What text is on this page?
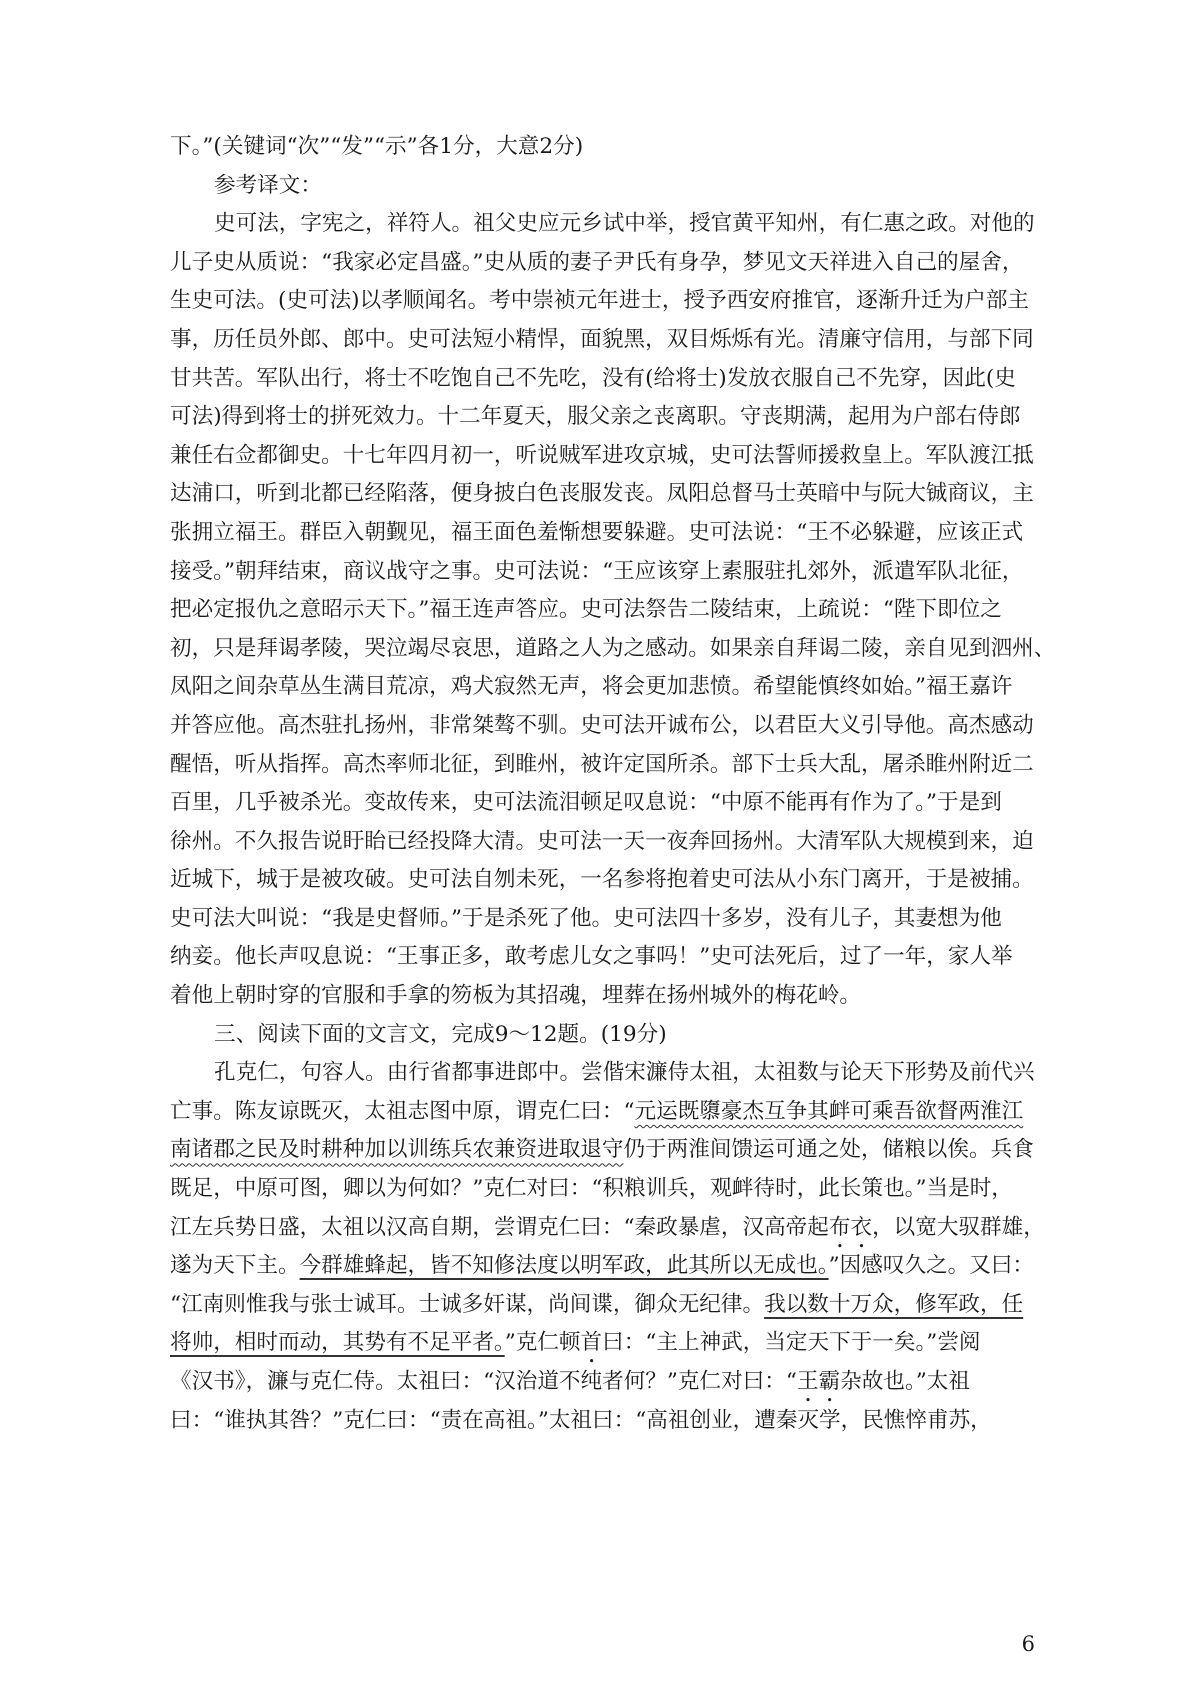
下。”(关键词“次”“发”“示”各1分，大意2分)
参考译文：
史可法，字宪之，祥符人。祖父史应元乡试中举，授官黄平知州，有仁惠之政。对他的
儿子史从质说：“我家必定昌盛。”史从质的妻子尹氏有身孕，梦见文天祥进入自己的屋舍，
生史可法。(史可法)以孝顺闻名。考中崇祯元年进士，授予西安府推官，逐渐升迁为户部主
事，历任员外郎、郎中。史可法短小精悍，面貌黑，双目烁烁有光。清廉守信用，与部下同
甘共苦。军队出行，将士不吃饱自己不先吃，没有(给将士)发放衣服自己不先穿，因此(史
可法)得到将士的拼死效力。十二年夏天，服父亲之丧离职。守丧期满，起用为户部右侍郎
兼任右佥都御史。十七年四月初一，听说贼军进攻京城，史可法誓师援救皇上。军队渡江抵
达浦口，听到北都已经陷落，便身披白色丧服发丧。凤阳总督马士英暗中与阮大铖商议，主
张拥立福王。群臣入朝觐见，福王面色羞惭想要躲避。史可法说：“王不必躲避，应该正式
接受。”朝拜结束，商议战守之事。史可法说：“王应该穿上素服驻扎郊外，派遣军队北征，
把必定报仇之意昭示天下。”福王连声答应。史可法祭告二陵结束，上疏说：“陛下即位之
初，只是拜谒孝陵，哭泣竭尽哀思，道路之人为之感动。如果亲自拜谒二陵，亲自见到泗州、
凤阳之间杂草丛生满目荒凉，鸡犬寂然无声，将会更加悲愤。希望能慎终如始。”福王嘉许
并答应他。高杰驻扎扬州，非常桀骜不驯。史可法开诚布公，以君臣大义引导他。高杰感动
醒悟，听从指挥。高杰率师北征，到睢州，被许定国所杀。部下士兵大乱，屠杀睢州附近二
百里，几乎被杀光。变故传来，史可法流泪顿足叹息说：“中原不能再有作为了。”于是到
徐州。不久报告说盱眙已经投降大清。史可法一天一夜奔回扬州。大清军队大规模到来，迫
近城下，城于是被攻破。史可法自刎未死，一名参将抱着史可法从小东门离开，于是被捕。
史可法大叫说：“我是史督师。”于是杀死了他。史可法四十多岁，没有儿子，其妻想为他
纳妾。他长声叹息说：“王事正多，敢考虑儿女之事吗！”史可法死后，过了一年，家人举
着他上朝时穿的官服和手拿的笏板为其招魂，埋葬在扬州城外的梅花岭。
三、阅读下面的文言文，完成9～12题。(19分)
孔克仁，句容人。由行省都事进郎中。尝偕宋濂侍太祖，太祖数与论天下形势及前代兴
亡事。陈友谅既灭，太祖志图中原，谓克仁曰：“元运既隳豪杰互争其衅可乘吾欲督两淮江
南诸郡之民及时耕种加以训练兵农兼资进取退守仍于两淮间馈运可通之处，储粮以俟。兵食
既足，中原可图，卿以为何如？”克仁对曰：“积粮训兵，观衅待时，此长策也。”当是时，
江左兵势日盛，太祖以汉高自期，尝谓克仁曰：“秦政暴虐，汉高帝起布衣，以宽大驭群雄，
遂为天下主。今群雄蜂起，皆不知修法度以明军政，此其所以无成也。”因感叹久之。又曰：
“江南则惟我与张士诚耳。士诚多奸谋，尚间谍，御众无纪律。我以数十万众，修军政，任
将帅，相时而动，其势有不足平者。”克仁顿首曰：“主上神武，当定天下于一矣。”尝阅
《汉书》，濂与克仁侍。太祖曰：“汉治道不纯者何？”克仁对曰：“王霸杂故也。”太祖
曰：“谁执其咎？”克仁曰：“责在高祖。”太祖曰：“高祖创业，遭秦灭学，民憔悴甫苏，
6
